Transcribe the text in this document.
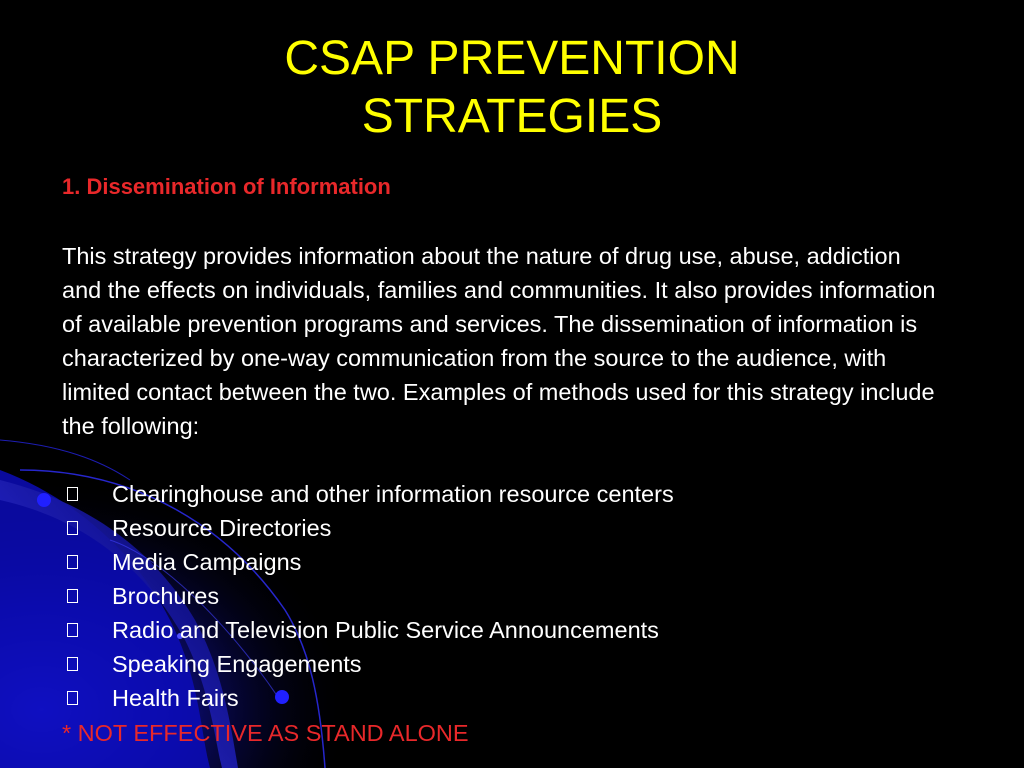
CSAP PREVENTION
STRATEGIES
1. Dissemination of Information

This strategy provides information about the nature of drug use, abuse, addiction and the effects on individuals, families and communities. It also provides information of available prevention programs and services. The dissemination of information is characterized by one-way communication from the source to the audience, with limited contact between the two. Examples of methods used for this strategy include the following:

Clearinghouse and other information resource centers
Resource Directories
Media Campaigns
Brochures
Radio and Television Public Service Announcements
Speaking Engagements
Health Fairs
* NOT EFFECTIVE AS STAND ALONE
